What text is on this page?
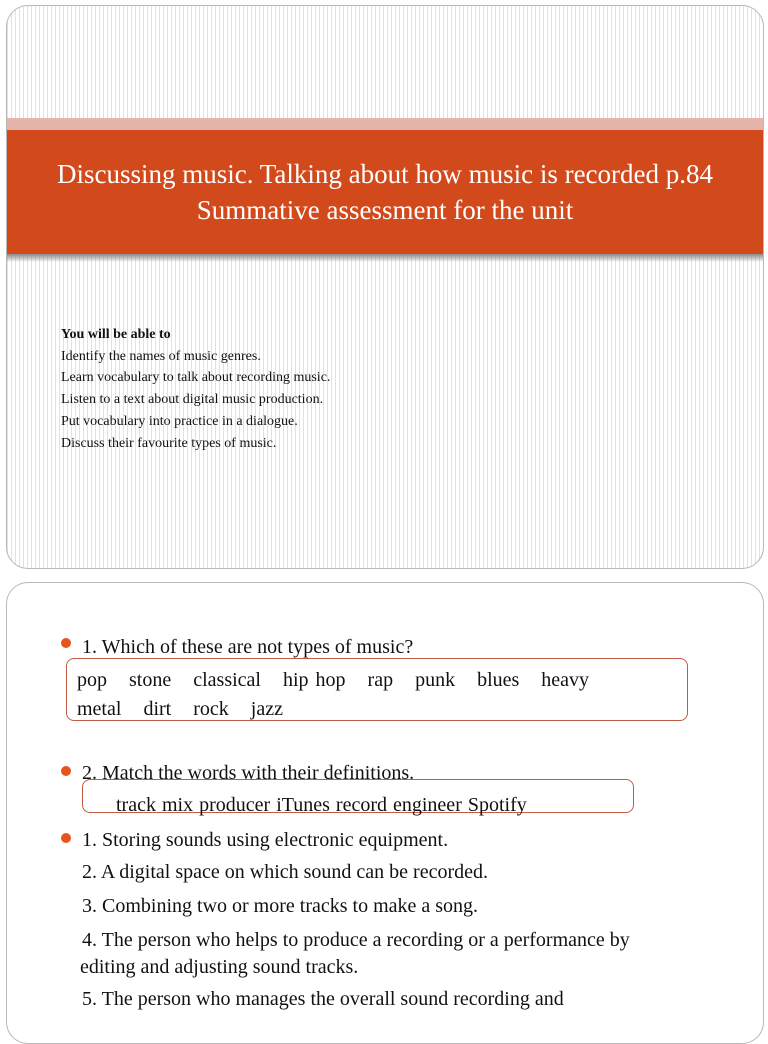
Discussing music. Talking about how music is recorded p.84
Summative assessment for the unit
You will be able to
Identify the names of music genres.
Learn vocabulary to talk about recording music.
Listen to a text about digital music production.
Put vocabulary into practice in a dialogue.
Discuss their favourite types of music.
1. Which of these are not types of music?
pop stone classical hip hop rap punk blues heavy metal dirt rock jazz
2. Match the words with their definitions.
track mix producer iTunes record engineer Spotify
1. Storing sounds using electronic equipment.
2. A digital space on which sound can be recorded.
3. Combining two or more tracks to make a song.
4. The person who helps to produce a recording or a performance by
editing and adjusting sound tracks.
5. The person who manages the overall sound recording and
